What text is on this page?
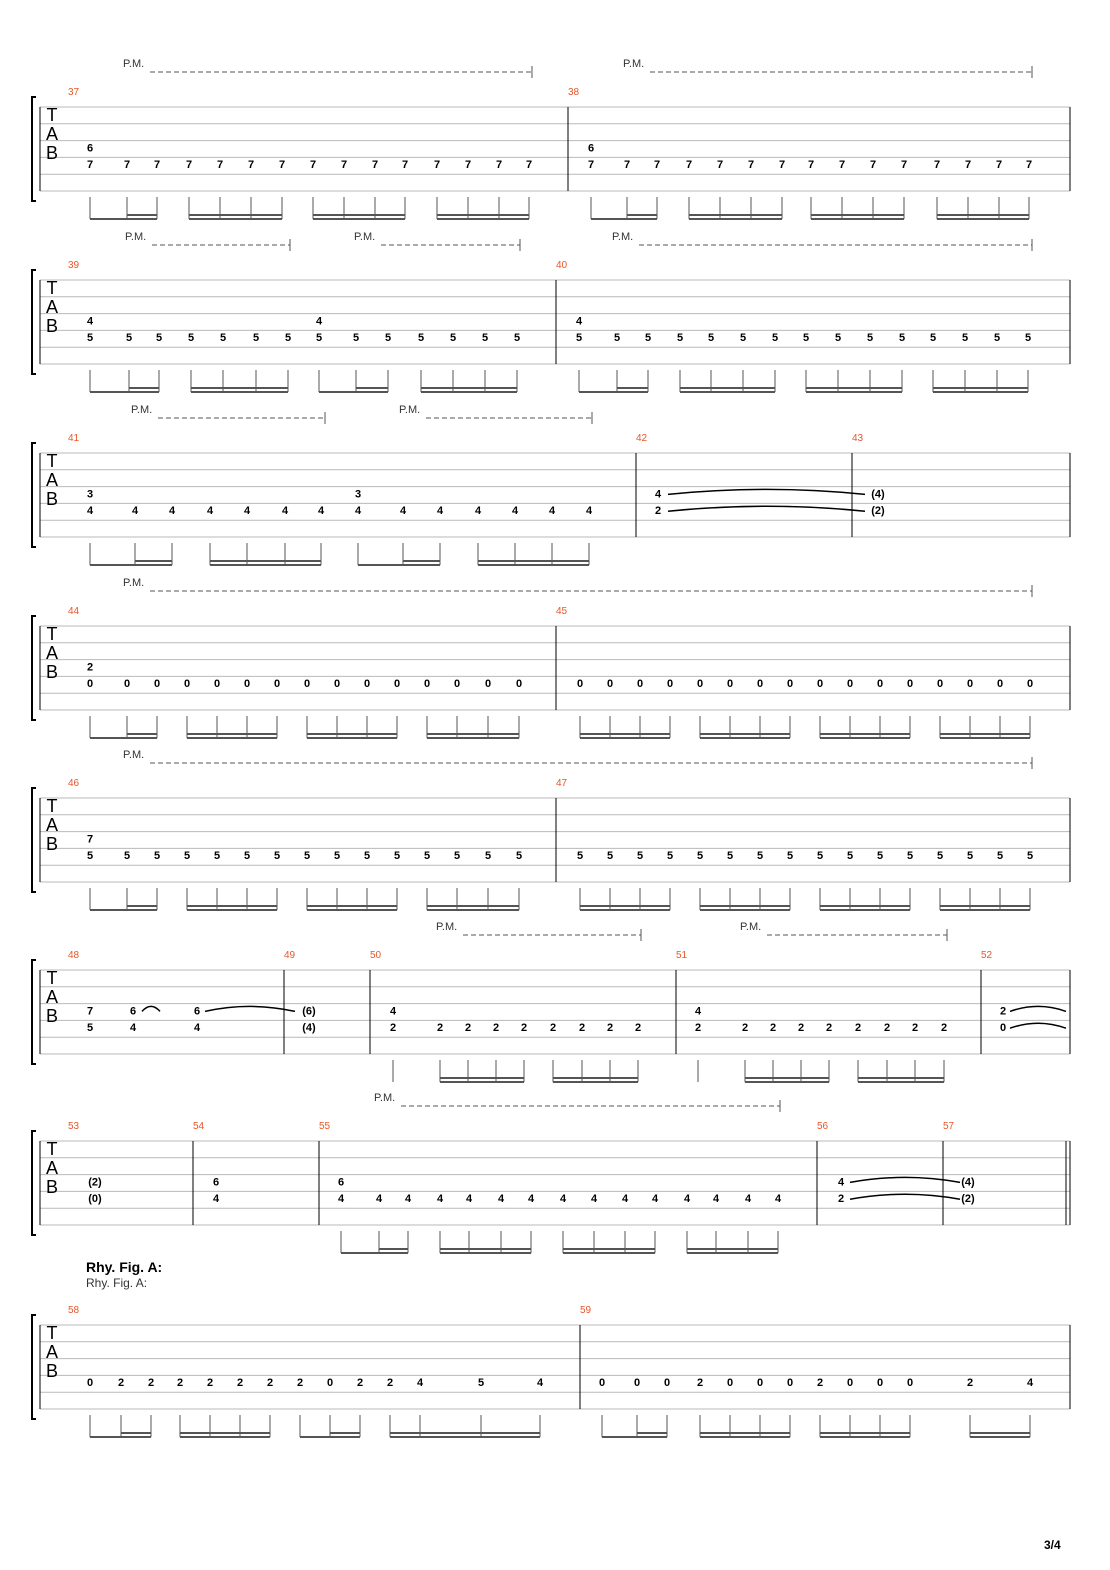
T
A
B
37	38
P.M.	P.M.
6
7	7 7 7 7 7 7 7 7 7 7 7 7 7 7
6
7	7 7 7 7 7 7 7 7 7 7 7 7 7 7
T
A
B
39	40
P.M.	P.M.	P.M.
4
5	5 5 5 5 5 5
4
5	5 5 5 5 5 5
4
5	5 5 5 5 5 5 5 5 5 5 5 5 5 5
T
A
B
41	42	43
P.M.	P.M.
3
4	4	4	4	4	4	4
3
4	4	4	4	4	4	4
4
2
(4)
(2)
T
A
B
44	45
P.M.
2
0	0 0 0 0 0 0 0 0 0 0 0 0 0 0	0 0 0 0 0 0 0 0 0 0 0 0 0 0 0 0
T
A
B
46	47
P.M.
7
5	5 5 5 5 5 5 5 5 5 5 5 5 5 5	5 5 5 5 5 5 5 5 5 5 5 5 5 5 5 5
T
A
B
48	49	50	51	52
P.M.	P.M.
7
5
6
4
6
4
(6)
(4)
4
2	2 2 2 2 2 2 2 2
4
2	2 2 2 2 2 2 2 2
2
0
T
A
B
53	54	55	56	57
P.M.
(2)
(0)
6
4
6
4	4 4 4 4 4 4 4 4 4 4 4 4 4 4
4
2
(4)
(2)
T
A
B
58	59
0 2 2 2 2 2 2 2 0 2 2 4	5	4	0	0 0 2 0 0 0 2 0 0 0	2	4
Rhy. Fig. A:
Rhy. Fig. A:
3/4
